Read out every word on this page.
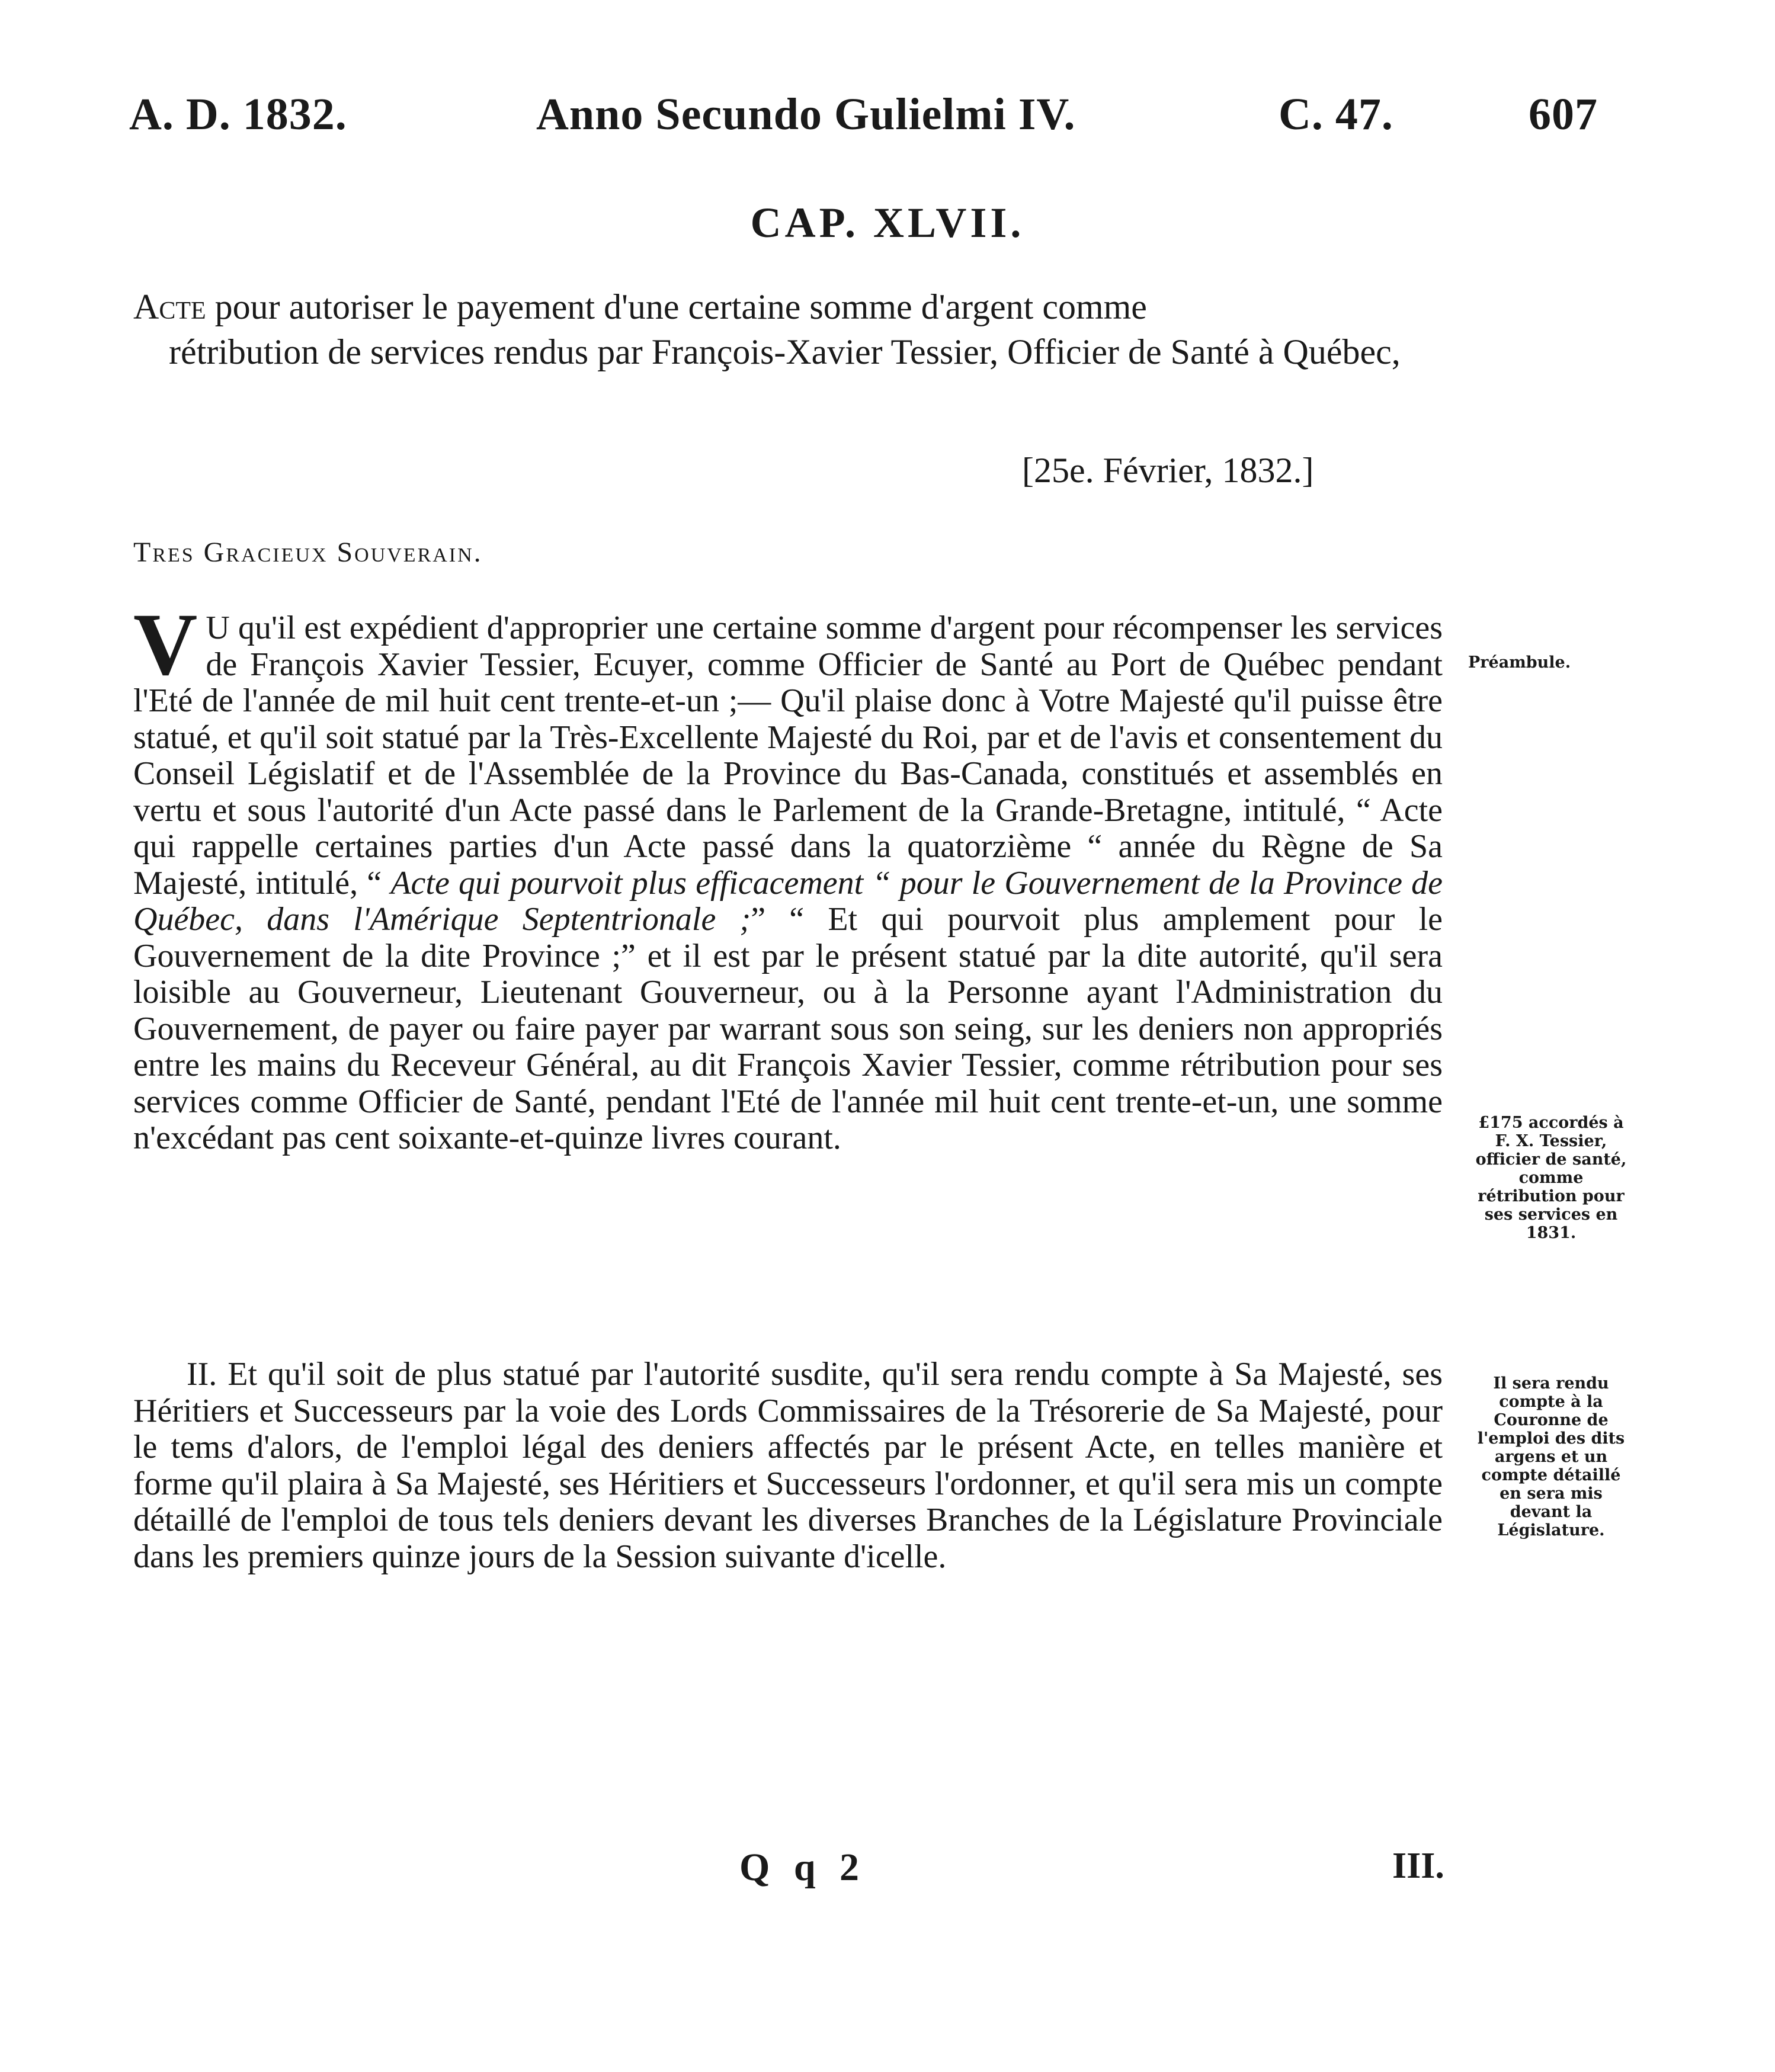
A. D. 1832.	Anno Secundo Gulielmi IV.	C. 47.	607
CAP. XLVII.
Acte pour autoriser le payement d'une certaine somme d'argent comme
rétribution de services rendus par François-Xavier Tessier, Officier de Santé à Québec,
[25e. Février, 1832.]
Tres Gracieux Souverain.
V U qu'il est expédient d'approprier une certaine somme d'argent pour récompenser les services de François Xavier Tessier, Ecuyer, comme Officier de Santé au Port de Québec pendant l'Eté de l'année de mil huit cent trente-et-un ;— Qu'il plaise donc à Votre Majesté qu'il puisse être statué, et qu'il soit statué par la Très-Excellente Majesté du Roi, par et de l'avis et consentement du Conseil Législatif et de l'Assemblée de la Province du Bas-Canada, constitués et assemblés en vertu et sous l'autorité d'un Acte passé dans le Parlement de la Grande-Bretagne, intitulé, “ Acte qui rappelle certaines parties d'un Acte passé dans la quatorzième “ année du Règne de Sa Majesté, intitulé, “ Acte qui pourvoit plus efficacement “ pour le Gouvernement de la Province de Québec, dans l'Amérique Septentrionale ;” “ Et qui pourvoit plus amplement pour le Gouvernement de la dite Province ;” et il est par le présent statué par la dite autorité, qu'il sera loisible au Gouverneur, Lieutenant Gouverneur, ou à la Personne ayant l'Administration du Gouvernement, de payer ou faire payer par warrant sous son seing, sur les deniers non appropriés entre les mains du Receveur Général, au dit François Xavier Tessier, comme rétribution pour ses services comme Officier de Santé, pendant l'Eté de l'année mil huit cent trente-et-un, une somme n'excédant pas cent soixante-et-quinze livres courant.
II. Et qu'il soit de plus statué par l'autorité susdite, qu'il sera rendu compte à Sa Majesté, ses Héritiers et Successeurs par la voie des Lords Commissaires de la Trésorerie de Sa Majesté, pour le tems d'alors, de l'emploi légal des deniers affectés par le présent Acte, en telles manière et forme qu'il plaira à Sa Majesté, ses Héritiers et Successeurs l'ordonner, et qu'il sera mis un compte détaillé de l'emploi de tous tels deniers devant les diverses Branches de la Législature Provinciale dans les premiers quinze jours de la Session suivante d'icelle.
Préambule.
£175 accordés à F. X. Tessier, officier de santé, comme rétribution pour ses services en 1831.
Il sera rendu compte à la Couronne de l'emploi des dits argens et un compte détaillé en sera mis devant la Législature.
Q q 2	III.
